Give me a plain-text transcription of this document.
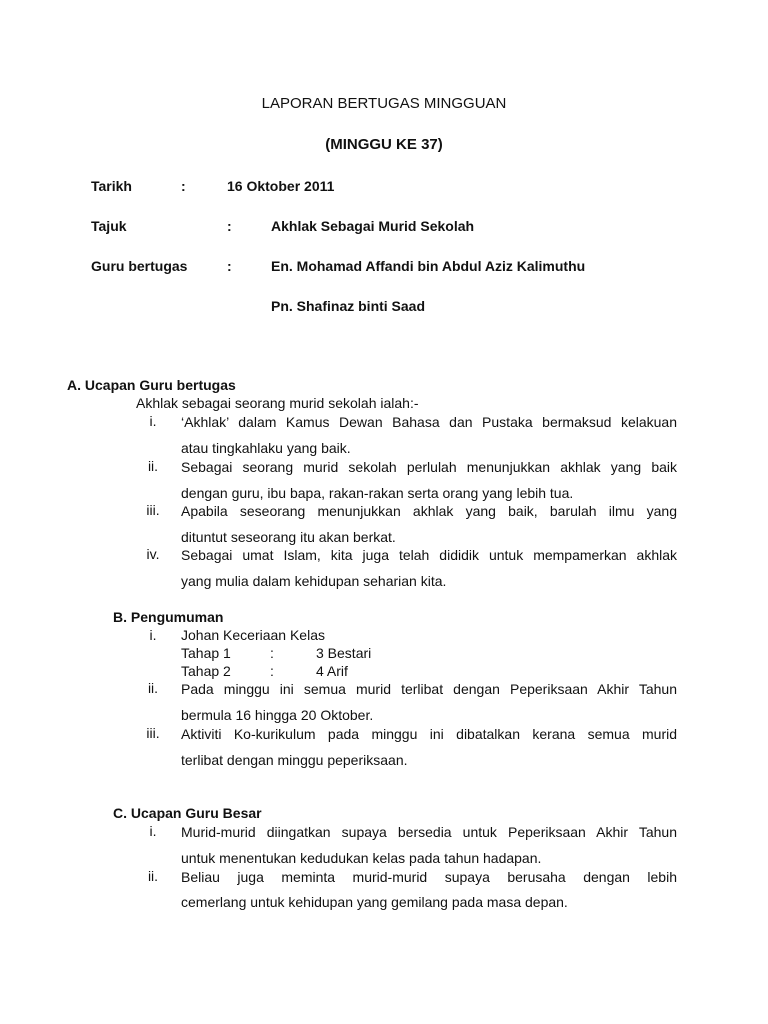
LAPORAN BERTUGAS MINGGUAN
(MINGGU KE 37)
Tarikh	:	16 Oktober 2011
Tajuk	:	Akhlak Sebagai Murid Sekolah
Guru bertugas	:	En. Mohamad Affandi bin Abdul Aziz Kalimuthu
Pn. Shafinaz binti Saad
A. Ucapan Guru bertugas
Akhlak sebagai seorang murid sekolah ialah:-
i.	‘Akhlak’ dalam Kamus Dewan Bahasa dan Pustaka bermaksud kelakuan
atau tingkahlaku yang baik.
ii.	Sebagai seorang murid sekolah perlulah menunjukkan akhlak yang baik
dengan guru, ibu bapa, rakan-rakan serta orang yang lebih tua.
iii.	Apabila seseorang menunjukkan akhlak yang baik, barulah ilmu yang
dituntut seseorang itu akan berkat.
iv.	Sebagai umat Islam, kita juga telah dididik untuk mempamerkan akhlak
yang mulia dalam kehidupan seharian kita.
B. Pengumuman
i.	Johan Keceriaan Kelas
Tahap 1	:	3 Bestari
Tahap 2	:	4 Arif
ii.	Pada minggu ini semua murid terlibat dengan Peperiksaan Akhir Tahun
bermula 16 hingga 20 Oktober.
iii.	Aktiviti Ko-kurikulum pada minggu ini dibatalkan kerana semua murid
terlibat dengan minggu peperiksaan.
C. Ucapan Guru Besar
i.	Murid-murid diingatkan supaya bersedia untuk Peperiksaan Akhir Tahun
untuk menentukan kedudukan kelas pada tahun hadapan.
ii.	Beliau juga meminta murid-murid supaya berusaha dengan lebih
cemerlang untuk kehidupan yang gemilang pada masa depan.
